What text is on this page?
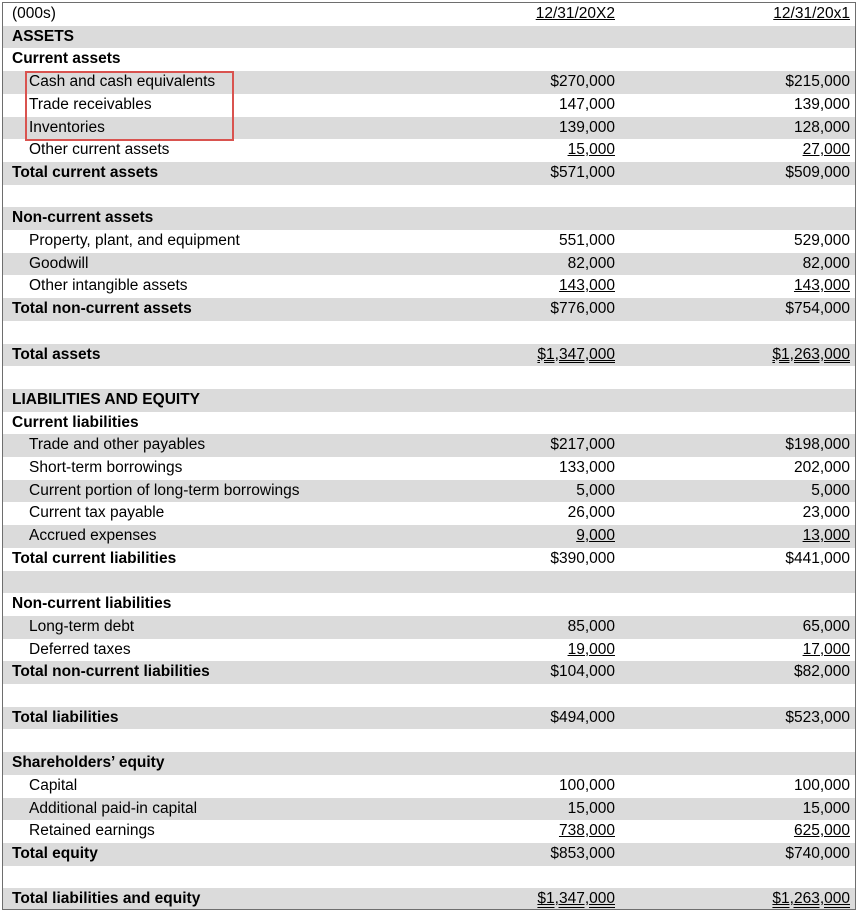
(000s)	12/31/20X2	12/31/20x1
ASSETS
Current assets
Cash and cash equivalents	$270,000	$215,000
Trade receivables	147,000	139,000
Inventories	139,000	128,000
Other current assets	15,000	27,000
Total current assets	$571,000	$509,000
Non-current assets
Property, plant, and equipment	551,000	529,000
Goodwill	82,000	82,000
Other intangible assets	143,000	143,000
Total non-current assets	$776,000	$754,000
Total assets	$1,347,000	$1,263,000
LIABILITIES AND EQUITY
Current liabilities
Trade and other payables	$217,000	$198,000
Short-term borrowings	133,000	202,000
Current portion of long-term borrowings	5,000	5,000
Current tax payable	26,000	23,000
Accrued expenses	9,000	13,000
Total current liabilities	$390,000	$441,000
Non-current liabilities
Long-term debt	85,000	65,000
Deferred taxes	19,000	17,000
Total non-current liabilities	$104,000	$82,000
Total liabilities	$494,000	$523,000
Shareholders’ equity
Capital	100,000	100,000
Additional paid-in capital	15,000	15,000
Retained earnings	738,000	625,000
Total equity	$853,000	$740,000
Total liabilities and equity	$1,347,000	$1,263,000
